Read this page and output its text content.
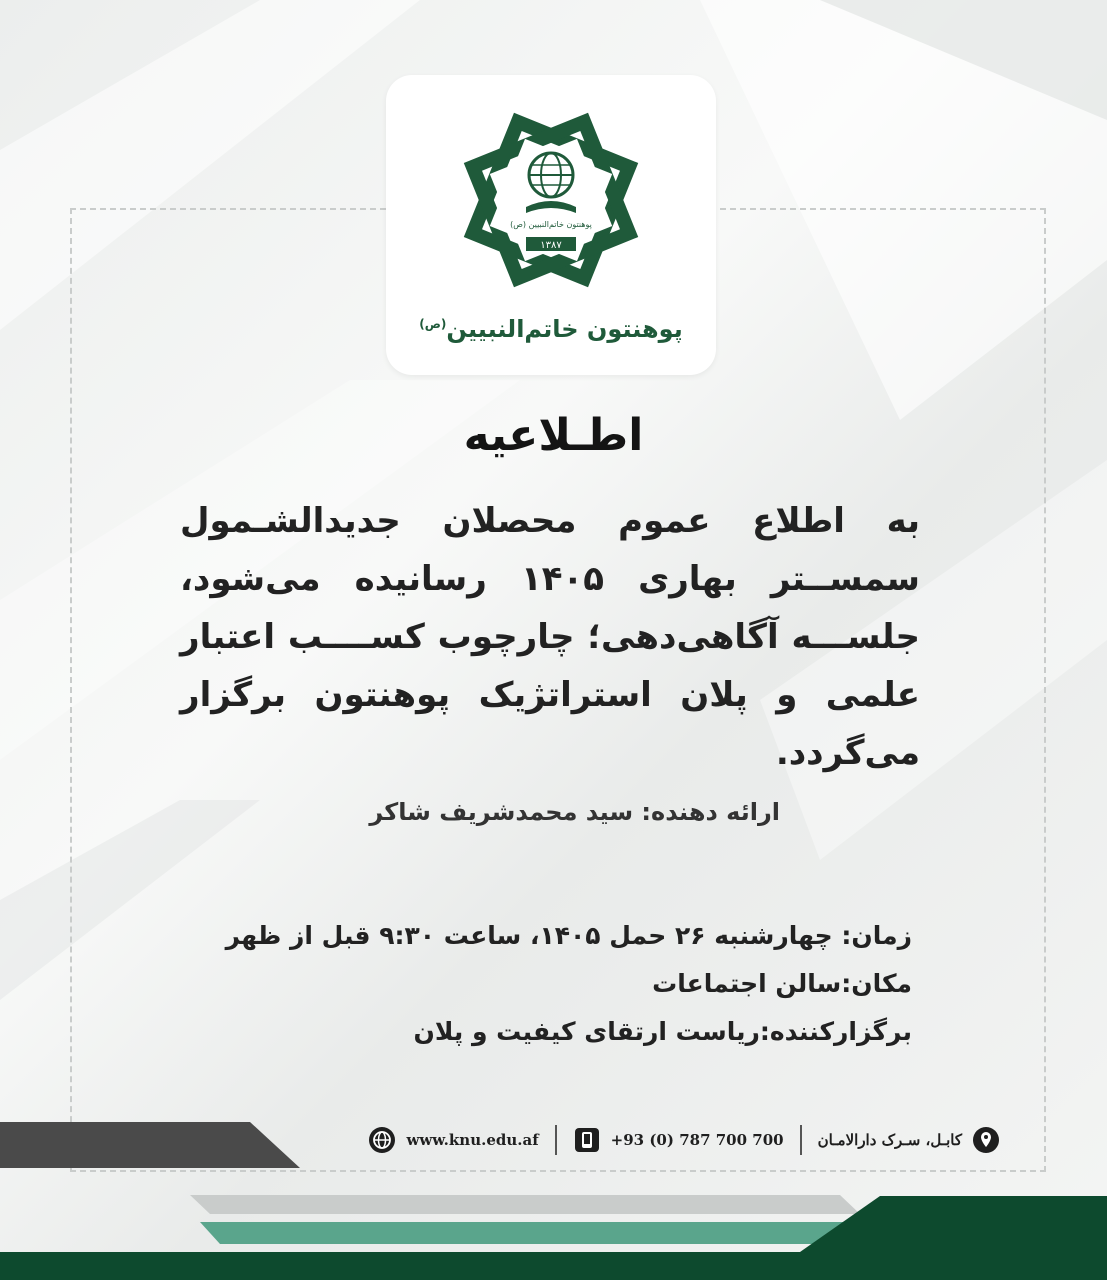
پوهنتون خاتم‌النبیین (ص)
۱۳۸۷
پوهنتون خاتم‌النبیین$^{(ص)}$
اطـلاعیه

به اطلاع عموم محصلان جدیدالشـمول سمســتر بهاری ۱۴۰۵ رسانیده می‌شود، جلســـه آگاهی‌دهی؛ چارچوب کســــب اعتبار علمی و پلان استراتژیک پوهنتون برگزار می‌گردد.

ارائه دهنده: سید محمدشریف شاکر
زمان: چهارشنبه ۲۶ حمل ۱۴۰۵، ساعت ۹:۳۰ قبل از ظهر
مکان:سالن اجتماعات
برگزارکننده:ریاست ارتقای کیفیت و پلان
کابـل، سـرک دارالامـان
+93 (0) 787 700 700
www.knu.edu.af
